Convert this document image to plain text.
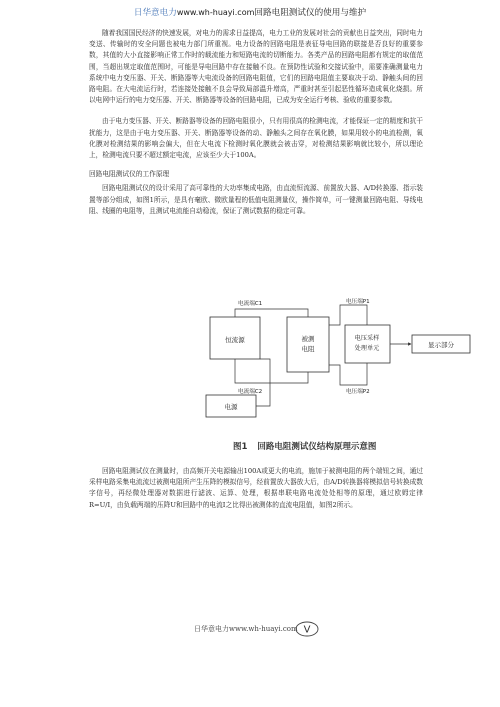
日华意电力www.wh-huayi.com回路电阻测试仪的使用与维护

随着我国国民经济的快速发展，对电力的需求日益提高，电力工业的发展对社会的贡献也日益突出，同时电力变送、传输时的安全问题也被电力部门所重视。电力设备的回路电阻是表征导电回路的联接是否良好的重要参数，其值的大小直接影响正常工作时的载流能力和短路电流的切断能力。各类产品的回路电阻都有规定的取值范围，当超出规定取值范围时，可能是导电回路中存在接触不良。在预防性试验和交接试验中，需要准确测量电力系统中电力变压器、开关、断路器等大电流设备的回路电阻值，它们的回路电阻值主要取决于动、静触头间的回路电阻。在大电流运行时，若连接处接触不良会导致局部温升增高，严重时甚至引起恶性循环造成氧化烧损。所以电网中运行的电力变压器、开关、断路器等设备的回路电阻，已成为安全运行考核、验收的重要参数。

由于电力变压器、开关、断路器等设备的回路电阻很小，只有用很高的检测电流，才能保证一定的精度和抗干扰能力，这是由于电力变压器、开关、断路器等设备的动、静触头之间存在氧化膜，如果用较小的电流检测，氧化膜对检测结果的影响会偏大，但在大电流下检测时氧化膜就会被击穿，对检测结果影响就比较小，所以理论上，检测电流只要不超过额定电流，应该至少大于100A。

回路电阻测试仪的工作原理

回路电阻测试仪的设计采用了高可靠性的大功率集成电路，由直流恒流源、前置放大器、A/D转换器、指示装置等部分组成，如图1所示，是具有毫欧、微欧量程的低值电阻测量仪，操作简单，可一键测量回路电阻、导线电阻、线圈的电阻等，且测试电流能自动稳流，保证了测试数据的稳定可靠。

恒流源	被测
电阻
电压采样
处理单元	显示部分
电源
电流端C1
电流端C2
电压端P1
电压端P2
图1 回路电阻测试仪结构原理示意图

回路电阻测试仪在测量时，由高频开关电源输出100A或更大的电流，施加于被测电阻的两个端钮之间，通过采样电路采集电流流过被测电阻所产生压降的模拟信号，经前置放大器放大后，由A/D转换器将模拟信号转换成数字信号，再经微处理器对数据进行滤波、运算、处理，根据串联电路电流处处相等的原理，通过欧姆定律R=U/I，由负载两端的压降U和回路中的电流I之比得出被测体的直流电阻值，如图2所示。

日华意电力www.wh-huayi.com V
